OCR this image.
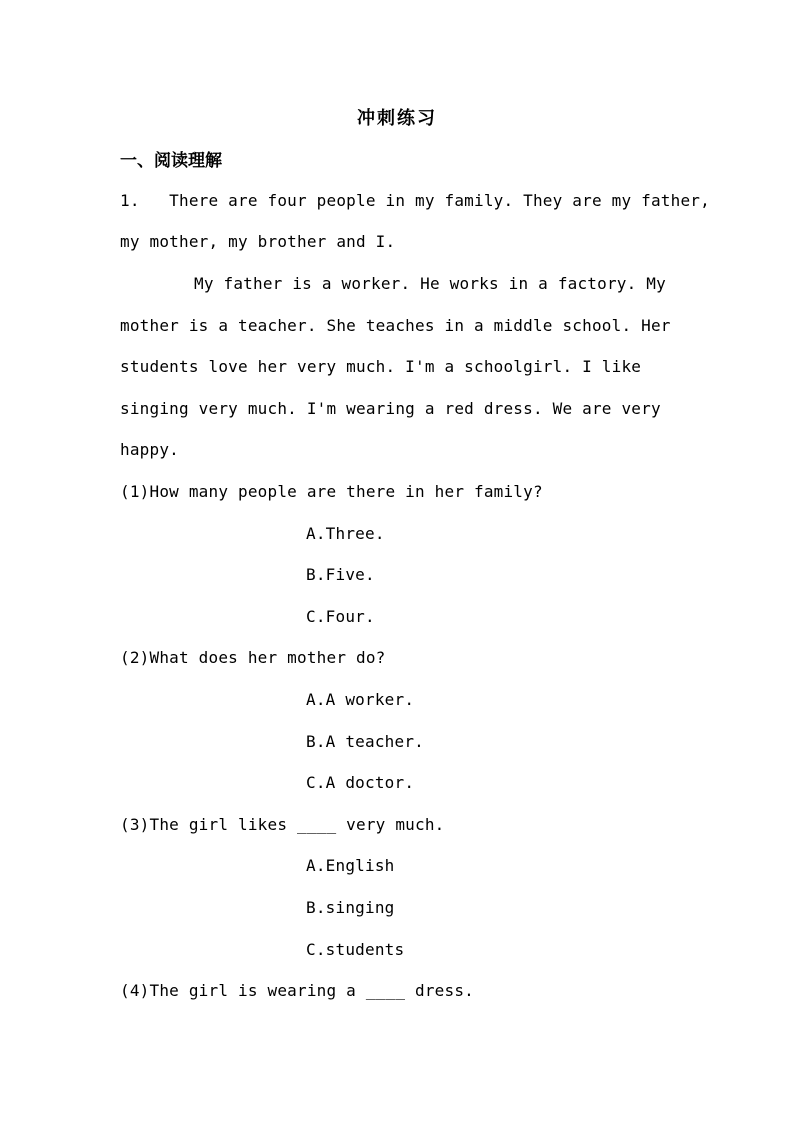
冲刺练习
一、阅读理解
1.   There are four people in my family. They are my father,
my mother, my brother and I.
My father is a worker. He works in a factory. My
mother is a teacher. She teaches in a middle school. Her
students love her very much. I'm a schoolgirl. I like
singing very much. I'm wearing a red dress. We are very
happy.
(1)How many people are there in her family?
A.Three.
B.Five.
C.Four.
(2)What does her mother do?
A.A worker.
B.A teacher.
C.A doctor.
(3)The girl likes ____ very much.
A.English
B.singing
C.students
(4)The girl is wearing a ____ dress.
